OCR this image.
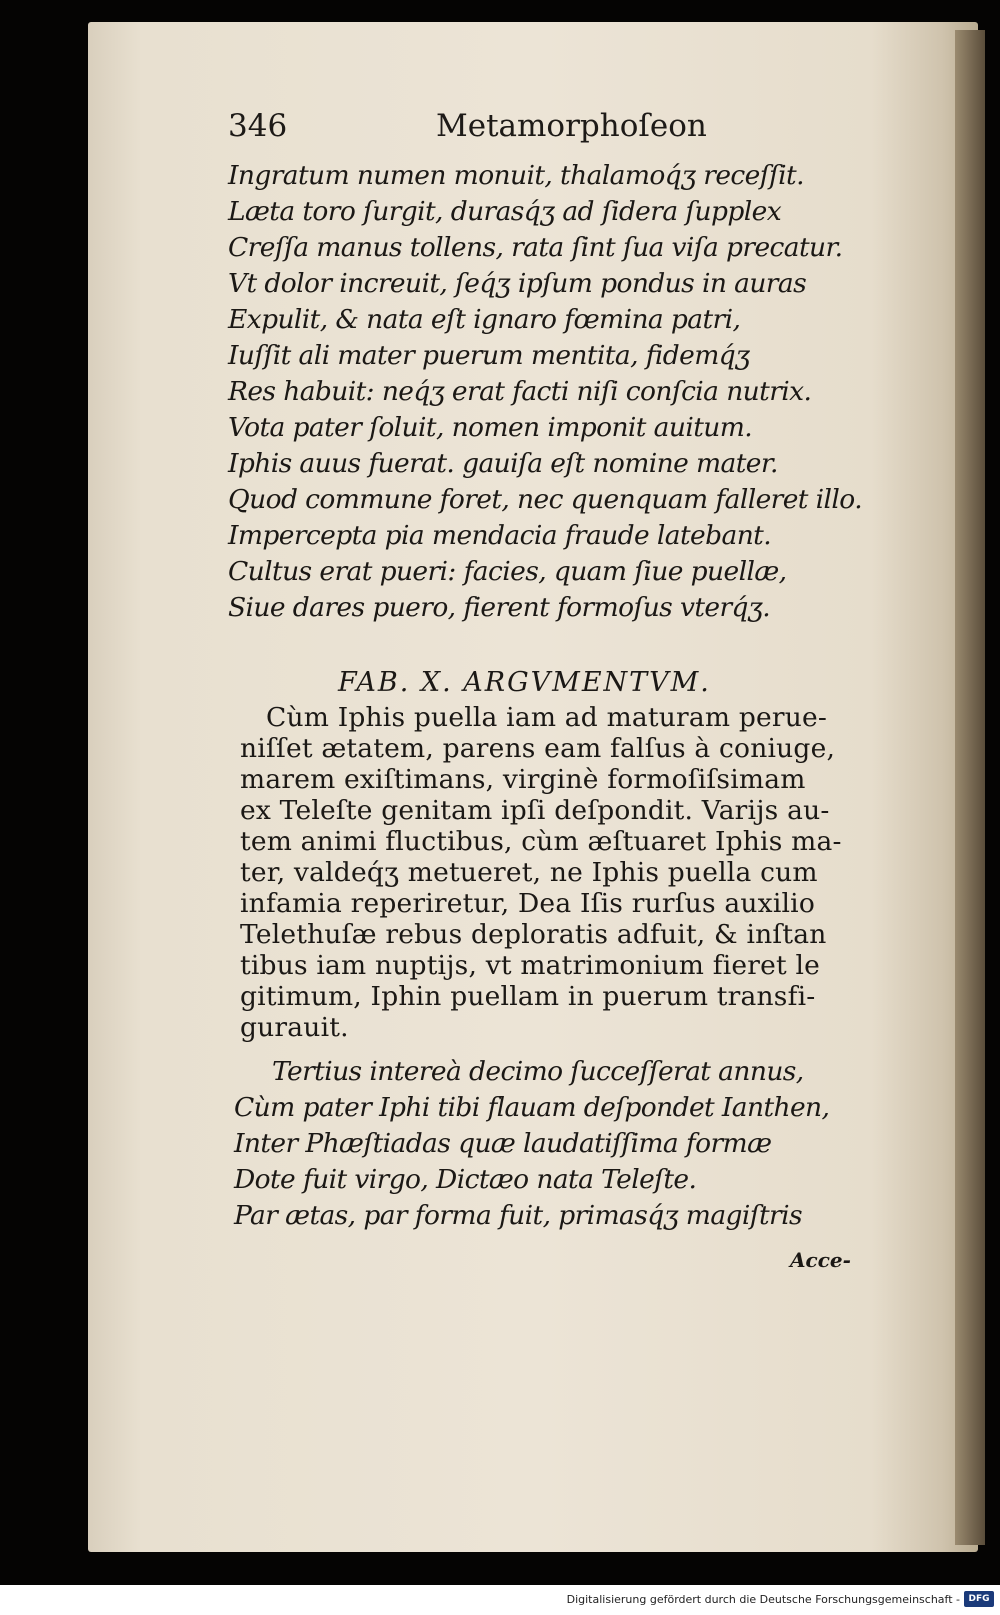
346	Metamorphoſeon
Ingratum numen monuit, thalamoq́ʒ receſſit.
Læta toro ſurgit, durasq́ʒ ad ſidera ſupplex
Creſſa manus tollens, rata ſint ſua viſa precatur.
Vt dolor increuit, ſeq́ʒ ipſum pondus in auras
Expulit, & nata eſt ignaro fœmina patri,
Iuſſit ali mater puerum mentita, fidemq́ʒ
Res habuit: neq́ʒ erat facti niſi conſcia nutrix.
Vota pater ſoluit, nomen imponit auitum.
Iphis auus fuerat. gauiſa eſt nomine mater.
Quod commune foret, nec quenquam falleret illo.
Impercepta pia mendacia fraude latebant.
Cultus erat pueri: facies, quam ſiue puellæ,
Siue dares puero, fierent formoſus vterq́ʒ.
FAB. X. ARGVMENTVM.
Cùm Iphis puella iam ad maturam perue-
niſſet ætatem, parens eam falſus à coniuge,
marem exiſtimans, virginè formoſiſsimam
ex Teleſte genitam ipſi deſpondit. Varijs au-
tem animi fluctibus, cùm æſtuaret Iphis ma-
ter, valdeq́ʒ metueret, ne Iphis puella cum
infamia reperiretur, Dea Iſis rurſus auxilio
Telethuſæ rebus deploratis adfuit, & inſtan
tibus iam nuptijs, vt matrimonium fieret le
gitimum, Iphin puellam in puerum transfi-
gurauit.
Tertius intereà decimo ſucceſſerat annus,
Cùm pater Iphi tibi flauam deſpondet Ianthen,
Inter Phæſtiadas quæ laudatiſſima formæ
Dote fuit virgo, Dictæo nata Teleſte.
Par ætas, par forma fuit, primasq́ʒ magiſtris
Acce-
Digitalisierung gefördert durch die Deutsche Forschungsgemeinschaft - DFG
